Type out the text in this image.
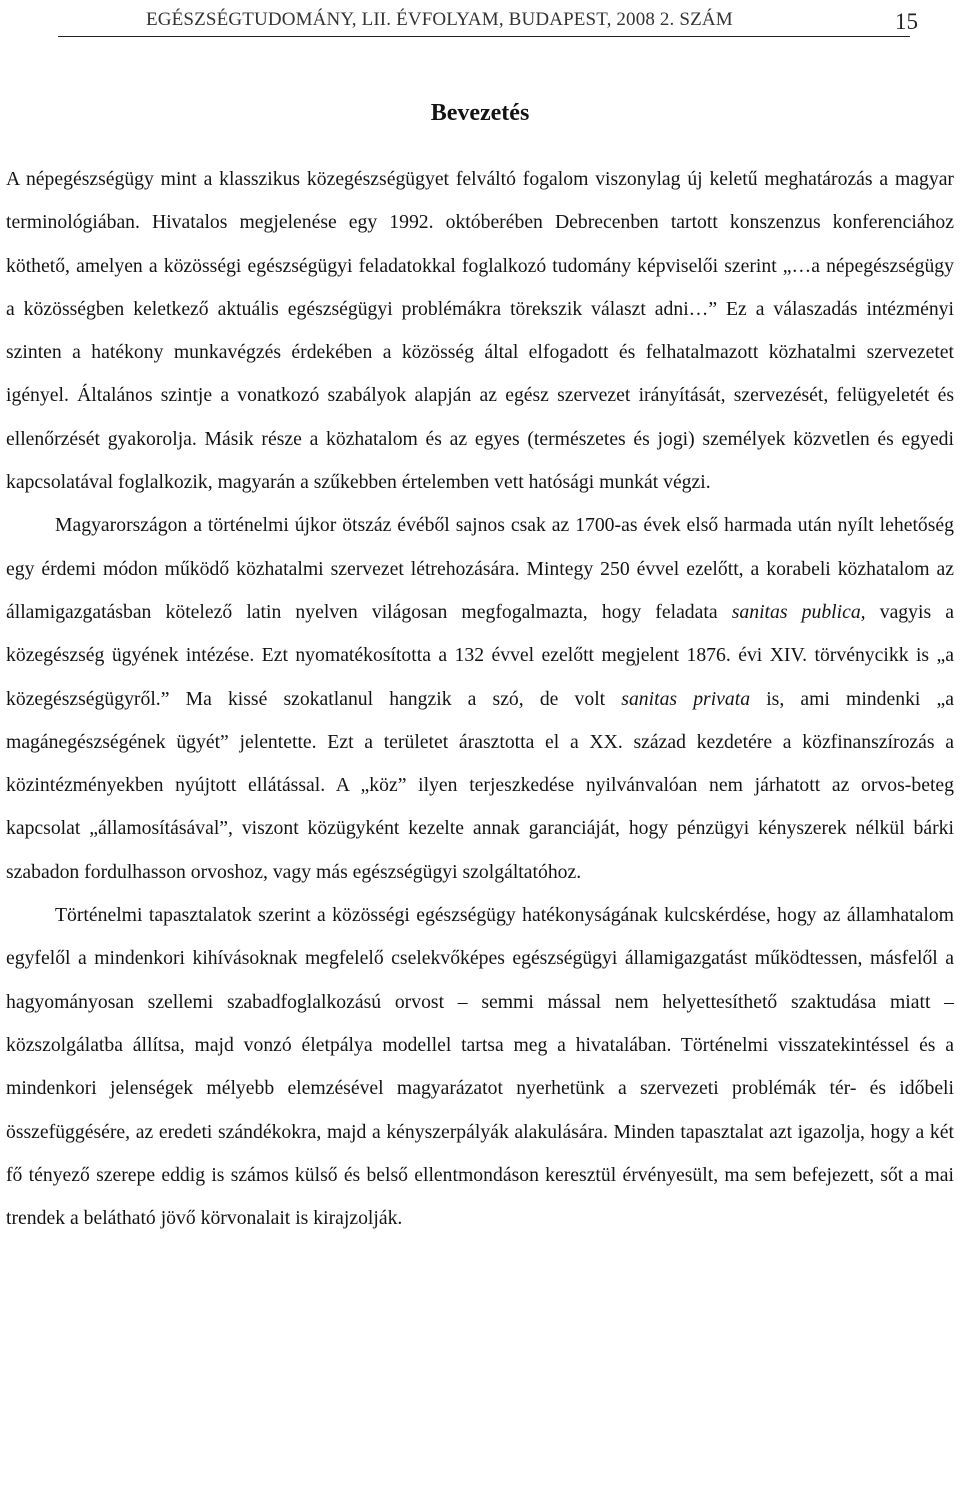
EGÉSZSÉGTUDOMÁNY, LII. ÉVFOLYAM, BUDAPEST, 2008 2. SZÁM	15
Bevezetés

A népegészségügy mint a klasszikus közegészségügyet felváltó fogalom viszonylag új keletű meghatározás a magyar terminológiában. Hivatalos megjelenése egy 1992. októberében Debrecenben tartott konszenzus konferenciához köthető, amelyen a közösségi egészségügyi feladatokkal foglalkozó tudomány képviselői szerint „…a népegészségügy a közösségben keletkező aktuális egészségügyi problémákra törekszik választ adni…” Ez a válaszadás intézményi szinten a hatékony munkavégzés érdekében a közösség által elfogadott és felhatalmazott közhatalmi szervezetet igényel. Általános szintje a vonatkozó szabályok alapján az egész szervezet irányítását, szervezését, felügyeletét és ellenőrzését gyakorolja. Másik része a közhatalom és az egyes (természetes és jogi) személyek közvetlen és egyedi kapcsolatával foglalkozik, magyarán a szűkebben értelemben vett hatósági munkát végzi.

Magyarországon a történelmi újkor ötszáz évéből sajnos csak az 1700-as évek első harmada után nyílt lehetőség egy érdemi módon működő közhatalmi szervezet létrehozására. Mintegy 250 évvel ezelőtt, a korabeli közhatalom az államigazgatásban kötelező latin nyelven világosan megfogalmazta, hogy feladata sanitas publica, vagyis a közegészség ügyének intézése. Ezt nyomatékosította a 132 évvel ezelőtt megjelent 1876. évi XIV. törvénycikk is „a közegészségügyről.” Ma kissé szokatlanul hangzik a szó, de volt sanitas privata is, ami mindenki „a magánegészségének ügyét” jelentette. Ezt a területet árasztotta el a XX. század kezdetére a közfinanszírozás a közintézményekben nyújtott ellátással. A „köz” ilyen terjeszkedése nyilvánvalóan nem járhatott az orvos-beteg kapcsolat „államosításával”, viszont közügyként kezelte annak garanciáját, hogy pénzügyi kényszerek nélkül bárki szabadon fordulhasson orvoshoz, vagy más egészségügyi szolgáltatóhoz.

Történelmi tapasztalatok szerint a közösségi egészségügy hatékonyságának kulcskérdése, hogy az államhatalom egyfelől a mindenkori kihívásoknak megfelelő cselekvőképes egészségügyi államigazgatást működtessen, másfelől a hagyományosan szellemi szabadfoglalkozású orvost – semmi mással nem helyettesíthető szaktudása miatt – közszolgálatba állítsa, majd vonzó életpálya modellel tartsa meg a hivatalában. Történelmi visszatekintéssel és a mindenkori jelenségek mélyebb elemzésével magyarázatot nyerhetünk a szervezeti problémák tér- és időbeli összefüggésére, az eredeti szándékokra, majd a kényszerpályák alakulására. Minden tapasztalat azt igazolja, hogy a két fő tényező szerepe eddig is számos külső és belső ellentmondáson keresztül érvényesült, ma sem befejezett, sőt a mai trendek a belátható jövő körvonalait is kirajzolják.
